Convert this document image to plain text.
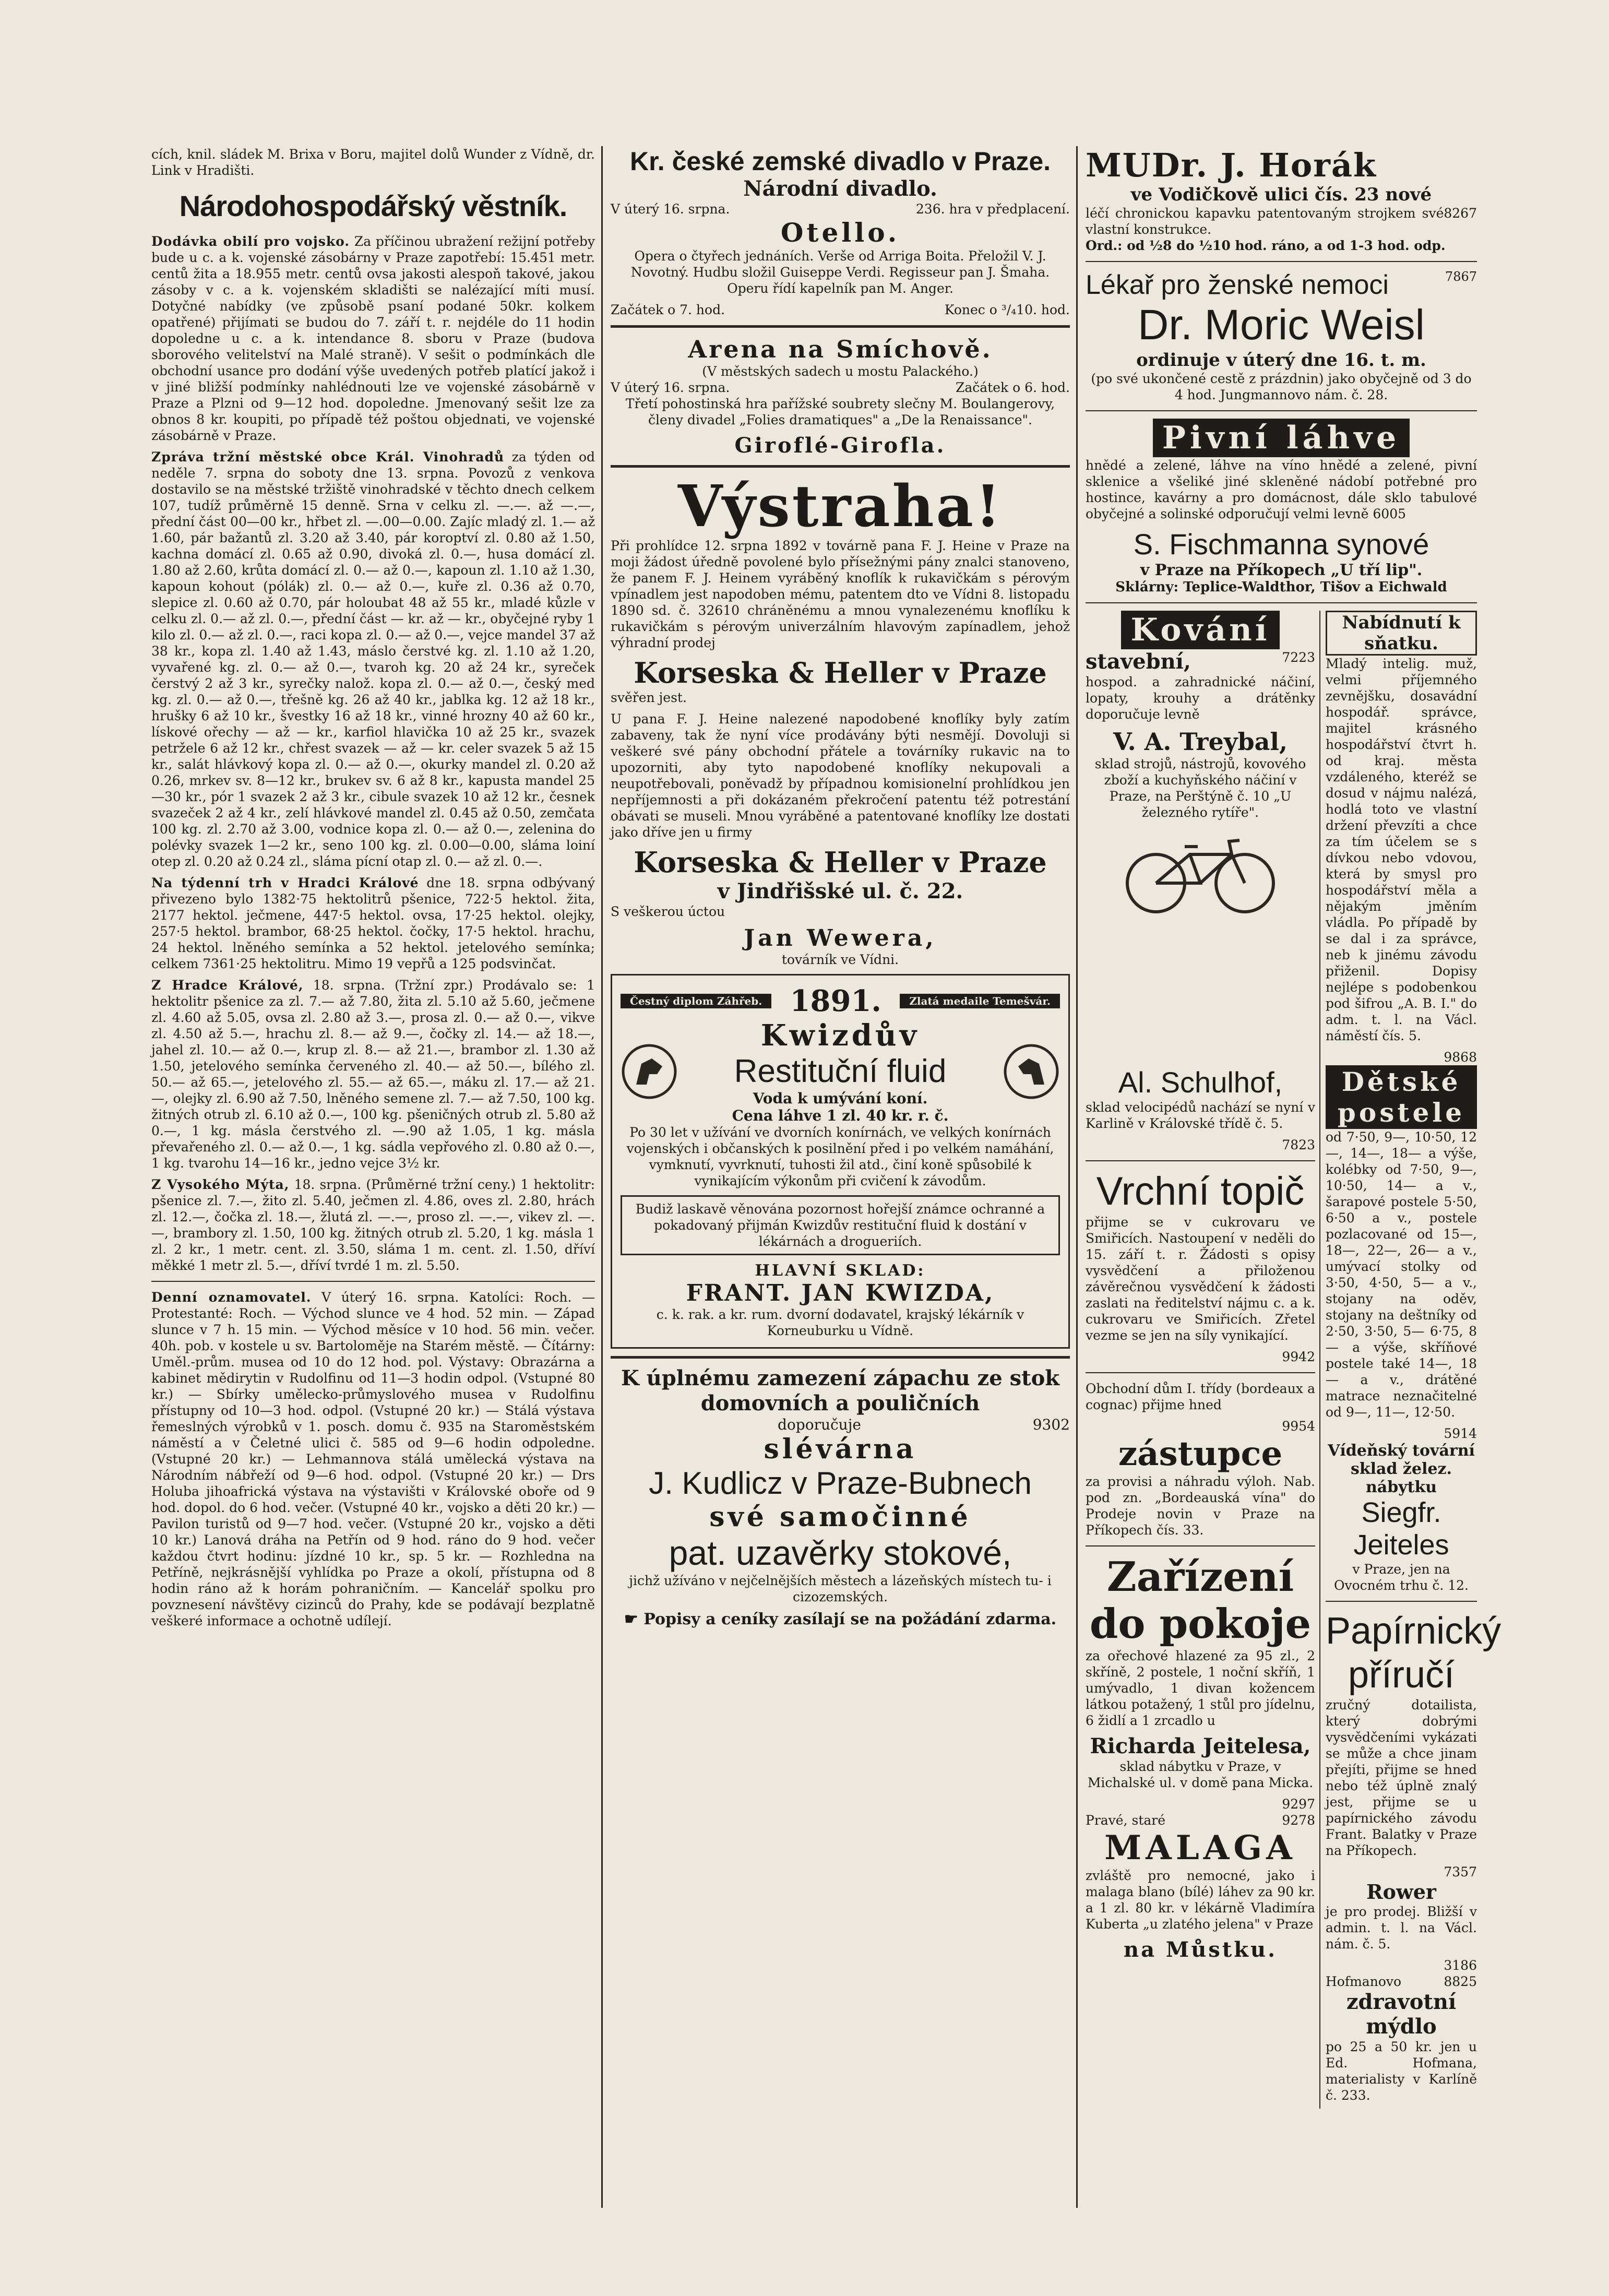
cích, knil. sládek M. Brixa v Boru, majitel dolů Wunder z Vídně, dr. Link v Hradišti.

Národohospodářský věstník.

Dodávka obilí pro vojsko. Za příčinou ubražení režijní potřeby bude u c. a k. vojenské zásobárny v Praze zapotřebí: 15.451 metr. centů žita a 18.955 metr. centů ovsa jakosti alespoň takové, jakou zásoby v c. a k. vojenském skladišti se nalézající míti musí. Dotyčné nabídky (ve způsobě psaní podané 50kr. kolkem opatřené) přijímati se budou do 7. září t. r. nejdéle do 11 hodin dopoledne u c. a k. intendance 8. sboru v Praze (budova sborového velitelství na Malé straně). V sešit o podmínkách dle obchodní usance pro dodání výše uvedených potřeb platící jakož i v jiné bližší podmínky nahlédnouti lze ve vojenské zásobárně v Praze a Plzni od 9—12 hod. dopoledne. Jmenovaný sešit lze za obnos 8 kr. koupiti, po případě též poštou objednati, ve vojenské zásobárně v Praze.

Zpráva tržní městské obce Král. Vinohradů za týden od neděle 7. srpna do soboty dne 13. srpna. Povozů z venkova dostavilo se na městské tržiště vinohradské v těchto dnech celkem 107, tudíž průměrně 15 denně. Srna v celku zl. —.—. až —.—, přední část 00—00 kr., hřbet zl. —.00—0.00. Zajíc mladý zl. 1.— až 1.60, pár bažantů zl. 3.20 až 3.40, pár koroptví zl. 0.80 až 1.50, kachna domácí zl. 0.65 až 0.90, divoká zl. 0.—, husa domácí zl. 1.80 až 2.60, krůta domácí zl. 0.— až 0.—, kapoun zl. 1.10 až 1.30, kapoun kohout (pólák) zl. 0.— až 0.—, kuře zl. 0.36 až 0.70, slepice zl. 0.60 až 0.70, pár holoubat 48 až 55 kr., mladé kůzle v celku zl. 0.— až zl. 0.—, přední část — kr. až — kr., obyčejné ryby 1 kilo zl. 0.— až zl. 0.—, raci kopa zl. 0.— až 0.—, vejce mandel 37 až 38 kr., kopa zl. 1.40 až 1.43, máslo čerstvé kg. zl. 1.10 až 1.20, vyvařené kg. zl. 0.— až 0.—, tvaroh kg. 20 až 24 kr., syreček čerstvý 2 až 3 kr., syrečky nalož. kopa zl. 0.— až 0.—, český med kg. zl. 0.— až 0.—, třešně kg. 26 až 40 kr., jablka kg. 12 až 18 kr., hrušky 6 až 10 kr., švestky 16 až 18 kr., vinné hrozny 40 až 60 kr., lískové ořechy — až — kr., karfiol hlavička 10 až 25 kr., svazek petržele 6 až 12 kr., chřest svazek — až — kr. celer svazek 5 až 15 kr., salát hlávkový kopa zl. 0.— až 0.—, okurky mandel zl. 0.20 až 0.26, mrkev sv. 8—12 kr., brukev sv. 6 až 8 kr., kapusta mandel 25—30 kr., pór 1 svazek 2 až 3 kr., cibule svazek 10 až 12 kr., česnek svazeček 2 až 4 kr., zelí hlávkové mandel zl. 0.45 až 0.50, zemčata 100 kg. zl. 2.70 až 3.00, vodnice kopa zl. 0.— až 0.—, zelenina do polévky svazek 1—2 kr., seno 100 kg. zl. 0.00—0.00, sláma loiní otep zl. 0.20 až 0.24 zl., sláma pícní otap zl. 0.— až zl. 0.—.

Na týdenní trh v Hradci Králové dne 18. srpna odbývaný přivezeno bylo 1382·75 hektolitrů pšenice, 722·5 hektol. žita, 2177 hektol. ječmene, 447·5 hektol. ovsa, 17·25 hektol. olejky, 257·5 hektol. brambor, 68·25 hektol. čočky, 17·5 hektol. hrachu, 24 hektol. lněného semínka a 52 hektol. jetelového semínka; celkem 7361·25 hektolitru. Mimo 19 vepřů a 125 podsvinčat.

Z Hradce Králové, 18. srpna. (Tržní zpr.) Prodávalo se: 1 hektolitr pšenice za zl. 7.— až 7.80, žita zl. 5.10 až 5.60, ječmene zl. 4.60 až 5.05, ovsa zl. 2.80 až 3.—, prosa zl. 0.— až 0.—, vikve zl. 4.50 až 5.—, hrachu zl. 8.— až 9.—, čočky zl. 14.— až 18.—, jahel zl. 10.— až 0.—, krup zl. 8.— až 21.—, brambor zl. 1.30 až 1.50, jetelového semínka červeného zl. 40.— až 50.—, bílého zl. 50.— až 65.—, jetelového zl. 55.— až 65.—, máku zl. 17.— až 21.—, olejky zl. 6.90 až 7.50, lněného semene zl. 7.— až 7.50, 100 kg. žitných otrub zl. 6.10 až 0.—, 100 kg. pšeničných otrub zl. 5.80 až 0.—, 1 kg. másla čerstvého zl. —.90 až 1.05, 1 kg. másla převařeného zl. 0.— až 0.—, 1 kg. sádla vepřového zl. 0.80 až 0.—, 1 kg. tvarohu 14—16 kr., jedno vejce 3½ kr.

Z Vysokého Mýta, 18. srpna. (Průměrné tržní ceny.) 1 hektolitr: pšenice zl. 7.—, žito zl. 5.40, ječmen zl. 4.86, oves zl. 2.80, hrách zl. 12.—, čočka zl. 18.—, žlutá zl. —.—, proso zl. —.—, vikev zl. —.—, brambory zl. 1.50, 100 kg. žitných otrub zl. 5.20, 1 kg. másla 1 zl. 2 kr., 1 metr. cent. zl. 3.50, sláma 1 m. cent. zl. 1.50, dříví měkké 1 metr zl. 5.—, dříví tvrdé 1 m. zl. 5.50.

Denní oznamovatel. V úterý 16. srpna. Katolíci: Roch. — Protestanté: Roch. — Východ slunce ve 4 hod. 52 min. — Západ slunce v 7 h. 15 min. — Východ měsíce v 10 hod. 56 min. večer. 40h. pob. v kostele u sv. Bartoloměje na Starém městě. — Čítárny: Uměl.-prům. musea od 10 do 12 hod. pol. Výstavy: Obrazárna a kabinet mědirytin v Rudolfinu od 11—3 hodin odpol. (Vstupné 80 kr.) — Sbírky umělecko-průmyslového musea v Rudolfinu přístupny od 10—3 hod. odpol. (Vstupné 20 kr.) — Stálá výstava řemeslných výrobků v 1. posch. domu č. 935 na Staroměstském náměstí a v Čeletné ulici č. 585 od 9—6 hodin odpoledne. (Vstupné 20 kr.) — Lehmannova stálá umělecká výstava na Národním nábřeží od 9—6 hod. odpol. (Vstupné 20 kr.) — Drs Holuba jihoafrická výstava na výstavišti v Královské oboře od 9 hod. dopol. do 6 hod. večer. (Vstupné 40 kr., vojsko a děti 20 kr.) — Pavilon turistů od 9—7 hod. večer. (Vstupné 20 kr., vojsko a děti 10 kr.) Lanová dráha na Petřín od 9 hod. ráno do 9 hod. večer každou čtvrt hodinu: jízdné 10 kr., sp. 5 kr. — Rozhledna na Petříně, nejkrásnější vyhlídka po Praze a okolí, přístupna od 8 hodin ráno až k horám pohraničním. — Kancelář spolku pro povznesení návštěvy cizinců do Prahy, kde se podávají bezplatně veškeré informace a ochotně udílejí.

Kr. české zemské divadlo v Praze.
Národní divadlo.
V úterý 16. srpna.	236. hra v předplacení.
Otello.

Opera o čtyřech jednáních. Verše od Arriga Boita. Přeložil V. J. Novotný. Hudbu složil Guiseppe Verdi. Regisseur pan J. Šmaha. Operu řídí kapelník pan M. Anger.

Začátek o 7. hod.	Konec o ³/₄10. hod.
Arena na Smíchově.
(V městských sadech u mostu Palackého.)
V úterý 16. srpna.	Začátek o 6. hod.

Třetí pohostinská hra pařížské soubrety slečny M. Boulangerovy, členy divadel „Folies dramatiques" a „De la Renaissance".

Giroflé-Girofla.
Výstraha!

Při prohlídce 12. srpna 1892 v továrně pana F. J. Heine v Praze na moji žádost úředně povolené bylo přísežnými pány znalci stanoveno, že panem F. J. Heinem vyráběný knoflík k rukavičkám s pérovým vpínadlem jest napodoben mému, patentem dto ve Vídni 8. listopadu 1890 sd. č. 32610 chráněnému a mnou vynalezenému knoflíku k rukavičkám s pérovým univerzálním hlavovým zapínadlem, jehož výhradní prodej

Korseska & Heller v Praze

svěřen jest.

U pana F. J. Heine nalezené napodobené knoflíky byly zatím zabaveny, tak že nyní více prodávány býti nesmějí. Dovoluji si veškeré své pány obchodní přátele a továrníky rukavic na to upozorniti, aby tyto napodobené knoflíky nekupovali a neupotřebovali, poněvadž by případnou komisionelní prohlídkou jen nepříjemnosti a při dokázaném překročení patentu též potrestání obávati se museli. Mnou vyráběné a patentované knoflíky lze dostati jako dříve jen u firmy

Korseska & Heller v Praze
v Jindřišské ul. č. 22.

S veškerou úctou

Jan Wewera,
továrník ve Vídni.
Čestný diplom Záhřeb. 1891.	Zlatá medaile Temešvár.
Kwizdův
Restituční fluid
Voda k umývání koní.
Cena láhve 1 zl. 40 kr. r. č.

Po 30 let v užívání ve dvorních konírnách, ve velkých konírnách vojenských i občanských k posilnění před i po velkém namáhání, vymknutí, vyvrknutí, tuhosti žil atd., činí koně spůsobilé k vynikajícím výkonům při cvičení k závodům.

Budiž laskavě věnována pozornost hořejší známce ochranné a pokadovaný přijmán Kwizdův restituční fluid k dostání v lékárnách a drogueriích.
HLAVNÍ SKLAD:
FRANT. JAN KWIZDA,
c. k. rak. a kr. rum. dvorní dodavatel, krajský lékárník v Korneuburku u Vídně.
K úplnému zamezení zápachu ze stok domovních a pouličních
doporučuje	9302
slévárna
J. Kudlicz v Praze-Bubnech
své samočinné
pat. uzavěrky stokové,

jichž užíváno v nejčelnějších městech a lázeňských místech tu- i cizozemských.

☛ Popisy a ceníky zasílají se na požádání zdarma.
MUDr. J. Horák
ve Vodičkově ulici čís. 23 nové
léčí chronickou kapavku patentovaným strojkem své vlastní konstrukce.
8267
Ord.: od ½8 do ½10 hod. ráno, a od 1-3 hod. odp.
Lékař pro ženské nemoci	7867
Dr. Moric Weisl
ordinuje v úterý dne 16. t. m.

(po své ukončené cestě z prázdnin) jako obyčejně od 3 do 4 hod. Jungmannovo nám. č. 28.

Pivní láhve

hnědé a zelené, láhve na víno hnědé a zelené, pivní sklenice a všeliké jiné skleněné nádobí potřebné pro hostince, kavárny a pro domácnost, dále sklo tabulové obyčejné a solinské odporučují velmi levně 6005

S. Fischmanna synové
v Praze na Příkopech „U tří lip".
Sklárny: Teplice-Waldthor, Tišov a Eichwald
Kování
stavební,	7223

hospod. a zahradnické náčiní, lopaty, krouhy a drátěnky doporučuje levně

V. A. Treybal,

sklad strojů, nástrojů, kovového zboží a kuchyňského náčiní v Praze, na Perštýně č. 10 „U železného rytíře".

Nabídnutí k sňatku.

Mladý intelig. muž, velmi příjemného zevnějšku, dosavádní hospodář. správce, majitel krásného hospodářství čtvrt h. od kraj. města vzdáleného, kteréž se dosud v nájmu nalézá, hodlá toto ve vlastní držení převzíti a chce za tím účelem se s dívkou nebo vdovou, která by smysl pro hospodářství měla a nějakým jměním vládla. Po případě by se dal i za správce, neb k jinému závodu přiženil. Dopisy nejlépe s podobenkou pod šifrou „A. B. I." do adm. t. l. na Václ. náměstí čís. 5.

9868
Al. Schulhof,

sklad velocipédů nachází se nyní v Karlině v Královské třídě č. 5.

7823
Vrchní topič

přijme se v cukrovaru ve Smiřicích. Nastoupení v neděli do 15. září t. r. Žádosti s opisy vysvědčení a přiloženou závěrečnou vysvědčení k žádosti zaslati na ředitelství nájmu c. a k. cukrovaru ve Smiřicích. Zřetel vezme se jen na síly vynikající.

9942

Obchodní dům I. třídy (bordeaux a cognac) přijme hned

9954
zástupce

za provisi a náhradu výloh. Nab. pod zn. „Bordeauská vína" do Prodeje novin v Praze na Příkopech čís. 33.

Zařízení do pokoje

za ořechové hlazené za 95 zl., 2 skříně, 2 postele, 1 noční skříň, 1 umývadlo, 1 divan kožencem látkou potažený, 1 stůl pro jídelnu, 6 židlí a 1 zrcadlo u

Richarda Jeitelesa,

sklad nábytku v Praze, v Michalské ul. v domě pana Micka.

9297
Pravé, staré	9278
MALAGA

zvláště pro nemocné, jako i malaga blano (bílé) láhev za 90 kr. a 1 zl. 80 kr. v lékárně Vladimíra Kuberta „u zlatého jelena" v Praze

na Můstku.
Dětské postele

od 7·50, 9—, 10·50, 12—, 14—, 18— a výše, kolébky od 7·50, 9—, 10·50, 14— a v., šarapové postele 5·50, 6·50 a v., postele pozlacované od 15—, 18—, 22—, 26— a v., umývací stolky od 3·50, 4·50, 5— a v., stojany na oděv, stojany na deštníky od 2·50, 3·50, 5— 6·75, 8— a výše, skříňové postele také 14—, 18— a v., drátěné matrace neznačitelné od 9—, 11—, 12·50.

5914
Vídeňský tovární sklad želez. nábytku
Siegfr. Jeiteles
v Praze, jen na Ovocném trhu č. 12.
Papírnický příručí

zručný dotailista, který dobrými vysvědčeními vykázati se může a chce jinam přejíti, přijme se hned nebo též úplně znalý jest, přijme se u papírnického závodu Frant. Balatky v Praze na Příkopech.

7357
Rower

je pro prodej. Bližší v admin. t. l. na Václ. nám. č. 5.

3186
Hofmanovo	8825
zdravotní mýdlo

po 25 a 50 kr. jen u Ed. Hofmana, materialisty v Karlíně č. 233.
